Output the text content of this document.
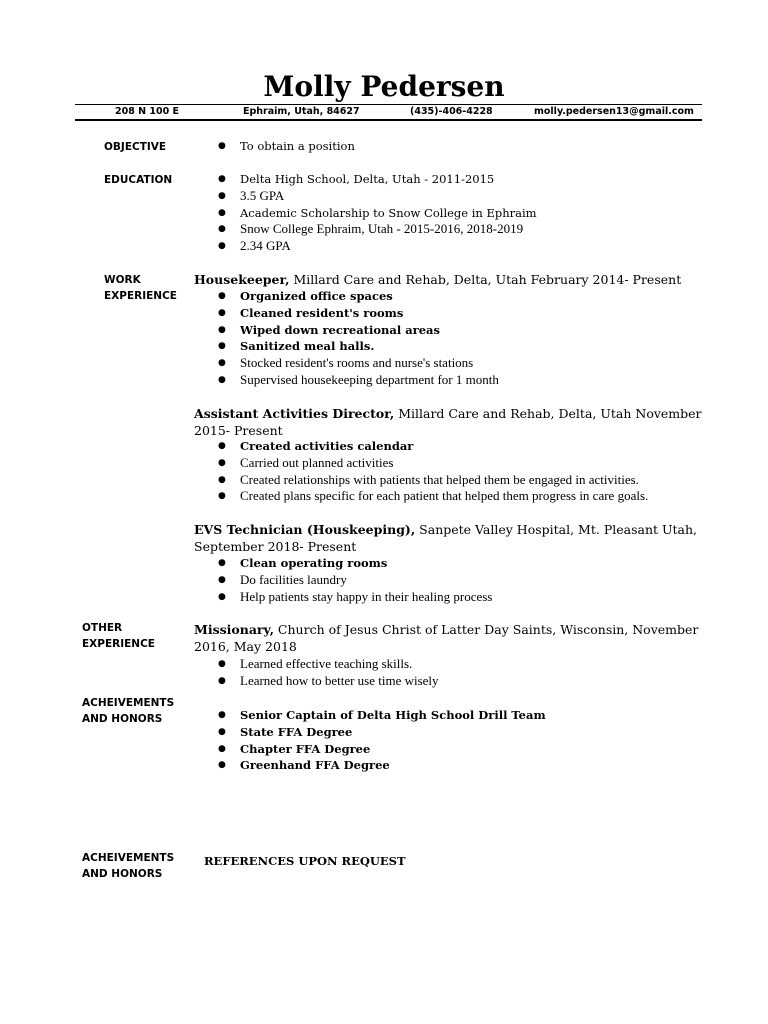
Molly Pedersen
208 N 100 E	Ephraim, Utah, 84627	(435)-406-4228	molly.pedersen13@gmail.com
OBJECTIVE	● To obtain a position
EDUCATION	● Delta High School, Delta, Utah - 2011-2015
● 3.5 GPA
● Academic Scholarship to Snow College in Ephraim
● Snow College Ephraim, Utah - 2015-2016, 2018-2019
● 2.34 GPA
WORK
EXPERIENCE
Housekeeper, Millard Care and Rehab, Delta, Utah February 2014- Present
● Organized office spaces
● Cleaned resident's rooms
● Wiped down recreational areas
● Sanitized meal halls.
● Stocked resident's rooms and nurse's stations
● Supervised housekeeping department for 1 month
Assistant Activities Director, Millard Care and Rehab, Delta, Utah November 2015- Present
● Created activities calendar
● Carried out planned activities
● Created relationships with patients that helped them be engaged in activities.
● Created plans specific for each patient that helped them progress in care goals.
EVS Technician (Houskeeping), Sanpete Valley Hospital, Mt. Pleasant Utah, September 2018- Present
● Clean operating rooms
● Do facilities laundry
● Help patients stay happy in their healing process
OTHER
EXPERIENCE
Missionary, Church of Jesus Christ of Latter Day Saints, Wisconsin, November 2016, May 2018
● Learned effective teaching skills.
● Learned how to better use time wisely
ACHEIVEMENTS
AND HONORS	● Senior Captain of Delta High School Drill Team
● State FFA Degree
● Chapter FFA Degree
● Greenhand FFA Degree
ACHEIVEMENTS
AND HONORS
REFERENCES UPON REQUEST
